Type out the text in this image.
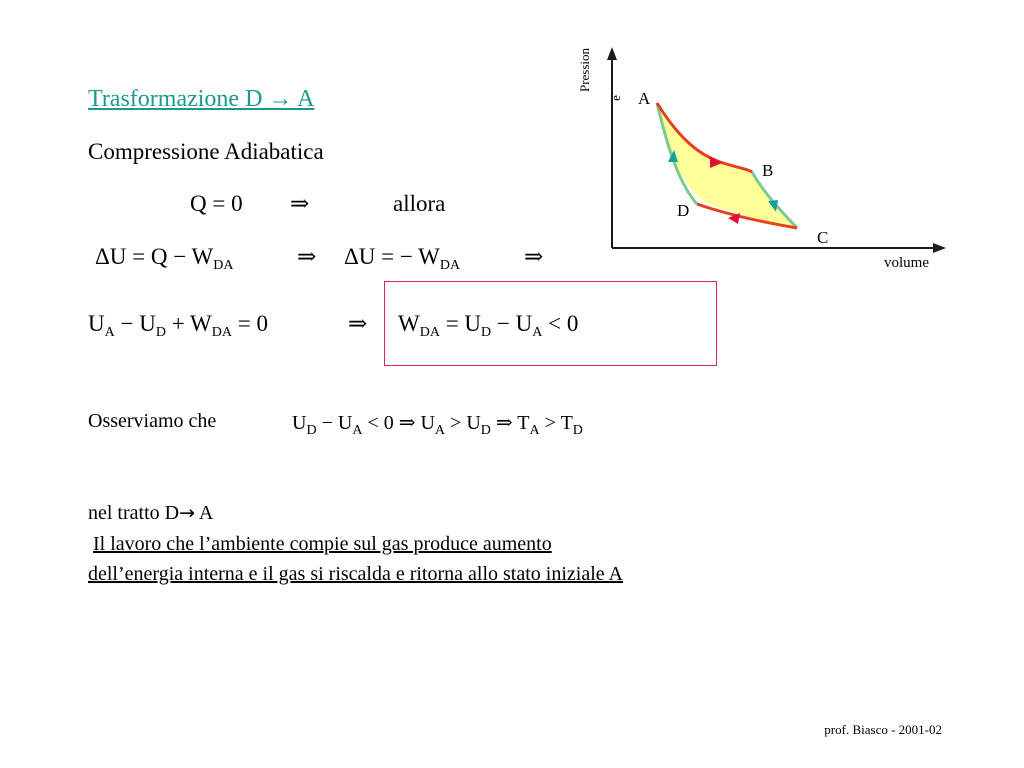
Trasformazione D → A
Compressione Adiabatica
Q = 0 ⇒	allora
$\Delta U = Q - W_{DA}$	⇒ ΔU = − $W_{DA}$	⇒
$U_A - U_D + W_{DA} = 0$	⇒ $W_{DA} = U_D - U_A < 0$
Osserviamo che	$U_D - U_A < 0$ ⇒ $U_A > U_D$ ⇒ $T_A > T_D$
nel tratto D→ A
Il lavoro che l’ambiente compie sul gas produce aumento
dell’energia interna e il gas si riscalda e ritorna allo stato iniziale A
prof. Biasco - 2001-02
Pression
e
volume
A
B
C
D
